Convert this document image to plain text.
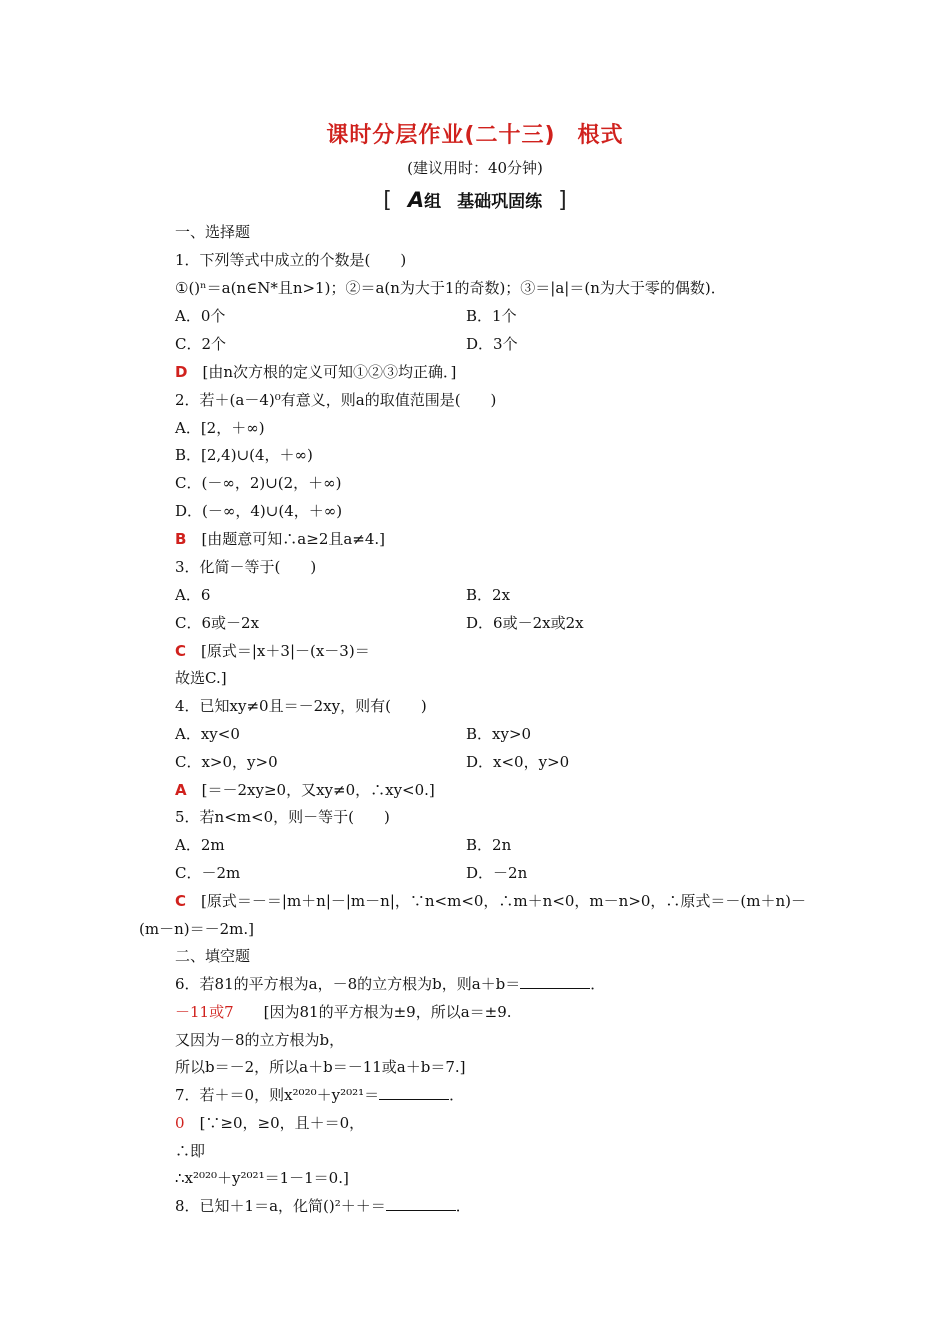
课时分层作业(二十三) 根式
(建议用时：40分钟)
[ A组 基础巩固练 ]
一、选择题
1．下列等式中成立的个数是(　　)
①()ⁿ＝a(n∈N*且n>1)；②＝a(n为大于1的奇数)；③＝|a|＝(n为大于零的偶数)．
A．0个	B．1个
C．2个	D．3个
D　 [由n次方根的定义可知①②③均正确．]
2．若＋(a－4)⁰有意义，则a的取值范围是(　　)
A．[2，＋∞)
B．[2,4)∪(4，＋∞)
C．(－∞，2)∪(2，＋∞)
D．(－∞，4)∪(4，＋∞)
B　 [由题意可知∴a≥2且a≠4.]
3．化简－等于(　　)
A．6	B．2x
C．6或－2x	D．6或－2x或2x
C　 [原式＝|x＋3|－(x－3)＝
故选C.]
4．已知xy≠0且＝－2xy，则有(　　)
A．xy<0	B．xy>0
C．x>0，y>0	D．x<0，y>0
A　 [＝－2xy≥0，又xy≠0，∴xy<0.]
5．若n<m<0，则－等于(　　)
A．2m	B．2n
C．－2m	D．－2n
C　 [原式＝－＝|m＋n|－|m－n|，∵n<m<0，∴m＋n<0，m－n>0，∴原式＝－(m＋n)－
(m－n)＝－2m.]
二、填空题
6．若81的平方根为a，－8的立方根为b，则a＋b＝	．
－11或7　　 [因为81的平方根为±9，所以a＝±9.
又因为－8的立方根为b，
所以b＝－2，所以a＋b＝－11或a＋b＝7.]
7．若＋＝0，则x²⁰²⁰＋y²⁰²¹＝	．
0　 [∵≥0，≥0，且＋＝0，
∴即
∴x²⁰²⁰＋y²⁰²¹＝1－1＝0.]
8．已知＋1＝a，化简()²＋＋＝	．
